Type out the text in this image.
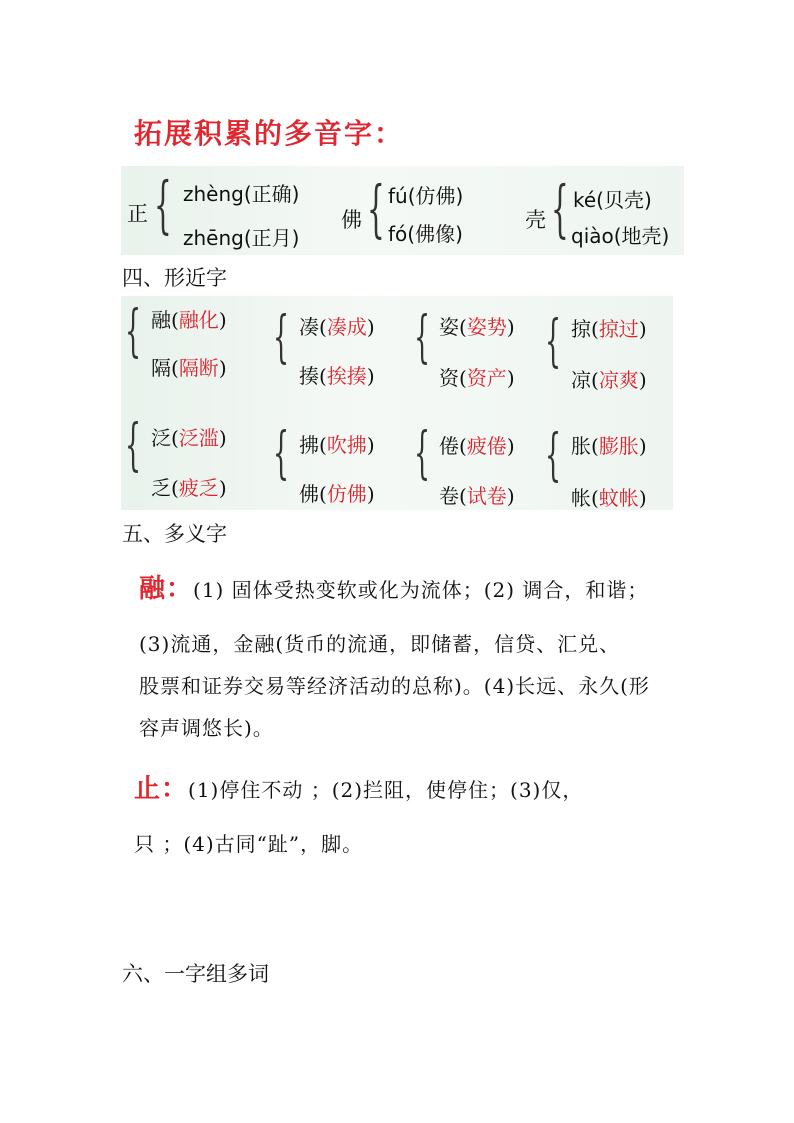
拓展积累的多音字：
正 { zhèng(正确)
zhēng(正月)
佛 { fú(仿佛)
fó(佛像)
壳 { ké(贝壳)
qiào(地壳)
四、形近字
{ 融(融化)
隔(隔断) { 凑(凑成)
揍(挨揍)
{ 姿(姿势)
资(资产)
{ 掠(掠过)
凉(凉爽)
{ 泛(泛滥)
乏(疲乏)
{ 拂(吹拂)
佛(仿佛)
{ 倦(疲倦)
卷(试卷)
{ 胀(膨胀)
帐(蚊帐)
五、多义字
融：(1) 固体受热变软或化为流体；(2) 调合，和谐；
(3)流通，金融(货币的流通，即储蓄，信贷、汇兑、
股票和证券交易等经济活动的总称)。(4)长远、永久(形
容声调悠长)。
止：(1)停住不动 ；(2)拦阻，使停住；(3)仅，
只 ；(4)古同“趾”，脚。
六、一字组多词
